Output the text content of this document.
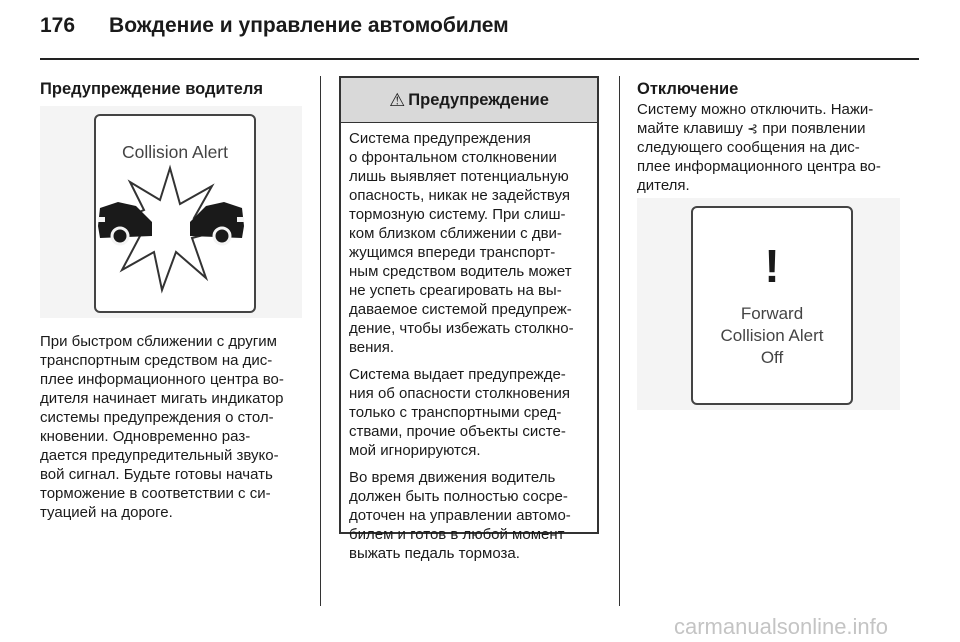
176 Вождение и управление автомобилем
Предупреждение водителя
Collision Alert
При быстром сближении с другим
транспортным средством на дис-
плее информационного центра во-
дителя начинает мигать индикатор
системы предупреждения о стол-
кновении. Одновременно раз-
дается предупредительный звуко-
вой сигнал. Будьте готовы начать
торможение в соответствии с си-
туацией на дороге.
⚠ Предупреждение

Система предупреждения
о фронтальном столкновении
лишь выявляет потенциальную
опасность, никак не задействуя
тормозную систему. При слиш-
ком близком сближении с дви-
жущимся впереди транспорт-
ным средством водитель может
не успеть среагировать на вы-
даваемое системой предупреж-
дение, чтобы избежать столкно-
вения.

Система выдает предупрежде-
ния об опасности столкновения
только с транспортными сред-
ствами, прочие объекты систе-
мой игнорируются.

Во время движения водитель
должен быть полностью сосре-
доточен на управлении автомо-
билем и готов в любой момент
выжать педаль тормоза.

Отключение
Систему можно отключить. Нажи-
майте клавишу ⊰ при появлении
следующего сообщения на дис-
плее информационного центра во-
дителя.
!
Forward
Collision Alert
Off
carmanualsonline.info
